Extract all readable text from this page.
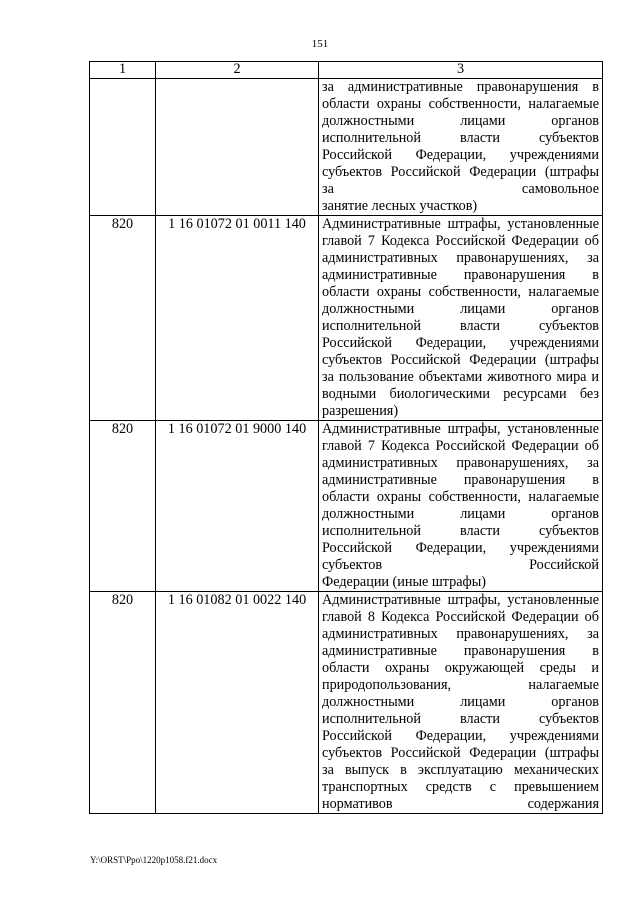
151
1	2	3
		за административные правонарушения в области охраны собственности, налагаемые должностными лицами органов исполнительной власти субъектов Российской Федерации, учреждениями субъектов Российской Федерации (штрафы за самовольное
занятие лесных участков)

820	1 16 01072 01 0011 140	Административные штрафы, установленные главой 7 Кодекса Российской Федерации об административных правонарушениях, за административные правонарушения в области охраны собственности, налагаемые должностными лицами органов исполнительной власти субъектов Российской Федерации, учреждениями субъектов Российской Федерации (штрафы за пользование объектами животного мира и водными биологическими ресурсами без
разрешения)

820	1 16 01072 01 9000 140	Административные штрафы, установленные главой 7 Кодекса Российской Федерации об административных правонарушениях, за административные правонарушения в области охраны собственности, налагаемые должностными лицами органов исполнительной власти субъектов Российской Федерации, учреждениями субъектов Российской
Федерации (иные штрафы)

820	1 16 01082 01 0022 140	Административные штрафы, установленные главой 8 Кодекса Российской Федерации об административных правонарушениях, за административные правонарушения в области охраны окружающей среды и природопользования, налагаемые должностными лицами органов исполнительной власти субъектов Российской Федерации, учреждениями субъектов Российской Федерации (штрафы за выпуск в эксплуатацию механических транспортных средств с превышением нормативов содержания
Y:\ORST\Ppo\1220p1058.f21.docx
